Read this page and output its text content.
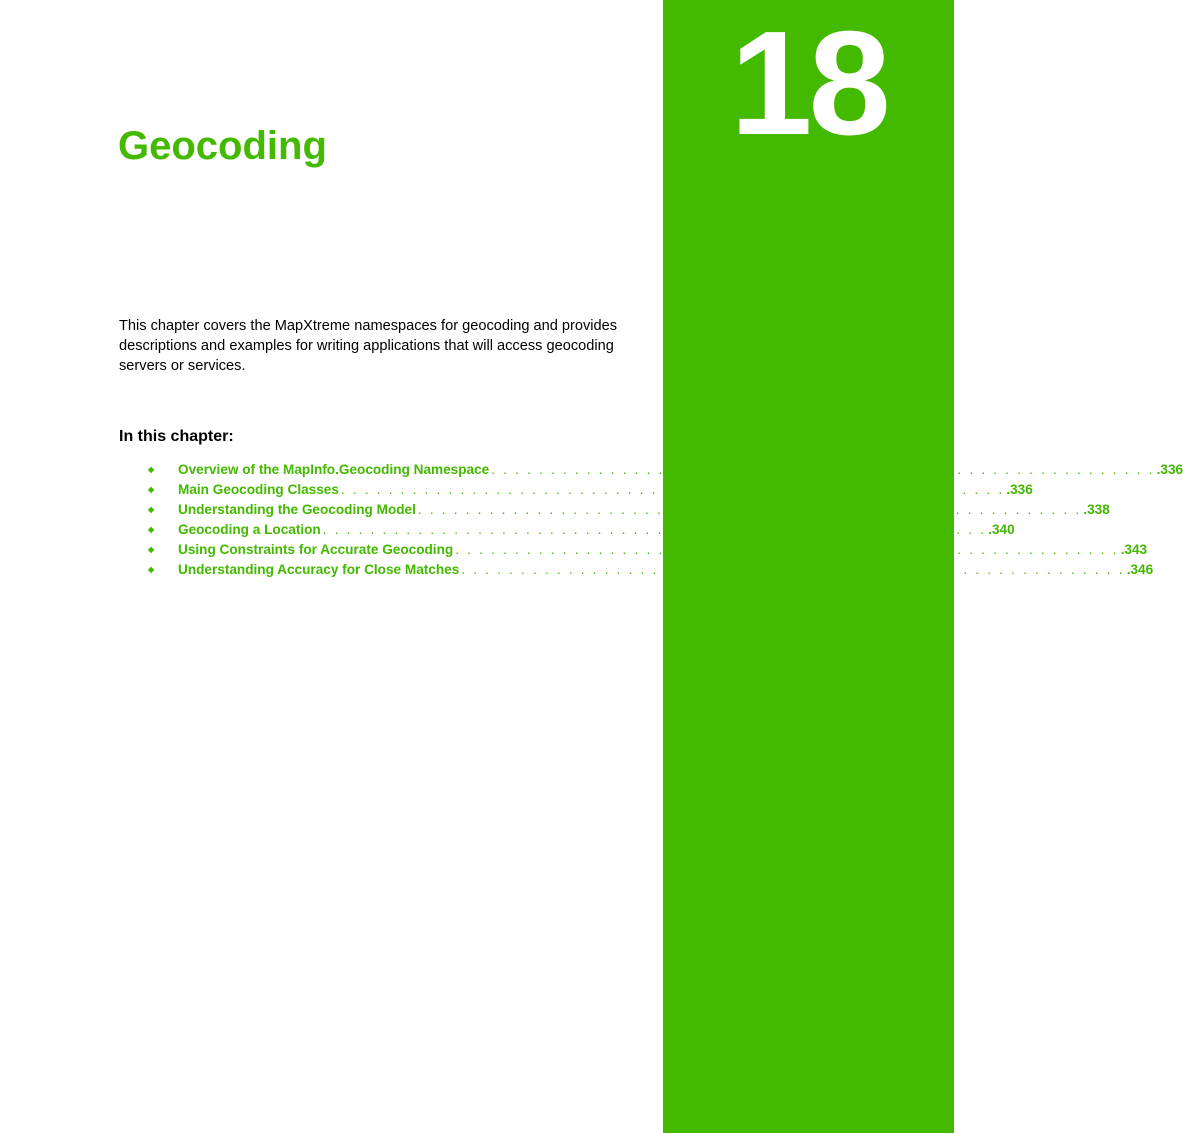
18
Geocoding

This chapter covers the MapXtreme namespaces for geocoding and provides descriptions and examples for writing applications that will access geocoding servers or services.

In this chapter:
◆ Overview of the MapInfo.Geocoding Namespace . . . . . . . . . . . . . . . . . . . . . . . . . . . . . . . . . . . . . . . . . . . . . . . . . . . . . . . . .336
◆ Main Geocoding Classes . . . . . . . . . . . . . . . . . . . . . . . . . . . . . . . . . . . . . . . . . . . . . . . . . . . . . . . . .336
◆ Understanding the Geocoding Model . . . . . . . . . . . . . . . . . . . . . . . . . . . . . . . . . . . . . . . . . . . . . . . . . . . . . . . . .338
◆ Geocoding a Location . . . . . . . . . . . . . . . . . . . . . . . . . . . . . . . . . . . . . . . . . . . . . . . . . . . . . . . . .340
◆ Using Constraints for Accurate Geocoding . . . . . . . . . . . . . . . . . . . . . . . . . . . . . . . . . . . . . . . . . . . . . . . . . . . . . . . . .343
◆ Understanding Accuracy for Close Matches . . . . . . . . . . . . . . . . . . . . . . . . . . . . . . . . . . . . . . . . . . . . . . . . . . . . . . . . .346
